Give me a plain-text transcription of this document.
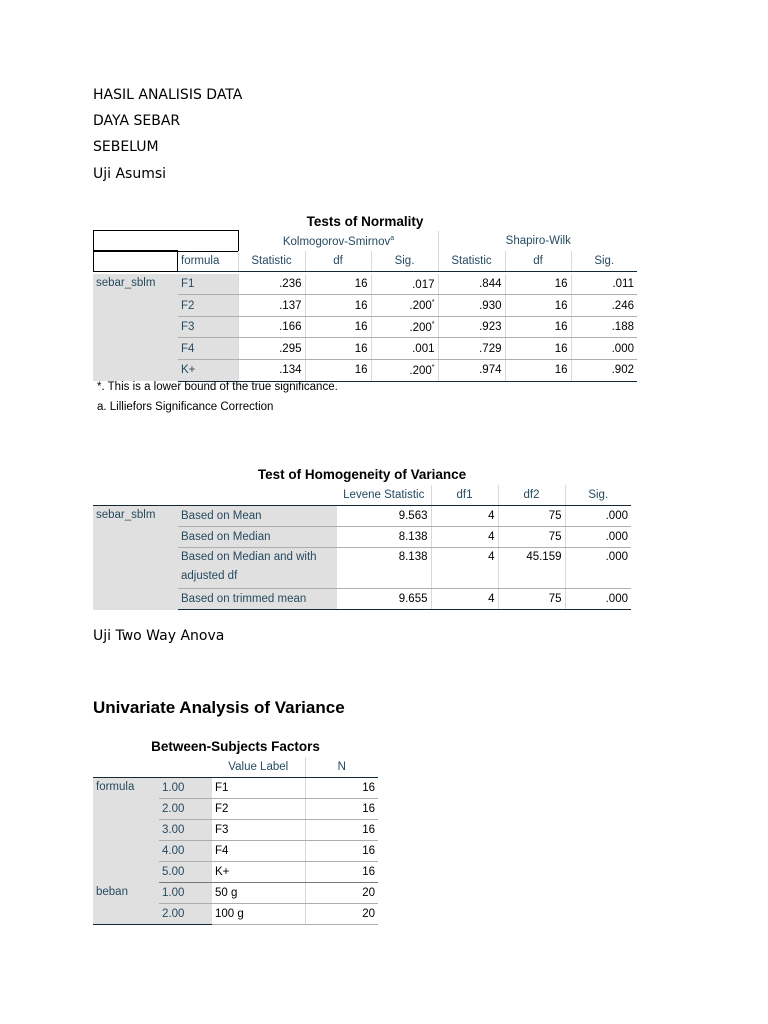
HASIL ANALISIS DATA

DAYA SEBAR

SEBELUM

Uji Asumsi

Tests of Normality

	Kolmogorov-Smirnov$^a$	Shapiro-Wilk
formula	Statistic	df	Sig.	Statistic	df	Sig.
sebar_sblm	F1	.236	16	.017	.844	16	.011
	F2	.137	16	.200*	.930	16	.246
	F3	.166	16	.200*	.923	16	.188
	F4	.295	16	.001	.729	16	.000
	K+	.134	16	.200*	.974	16	.902

*. This is a lower bound of the true significance.

a. Lilliefors Significance Correction

Test of Homogeneity of Variance

		Levene Statistic	df1	df2	Sig.
sebar_sblm	Based on Mean	9.563	4	75	.000
	Based on Median	8.138	4	75	.000
	Based on Median and with
adjusted df	8.138	4	45.159	.000
	Based on trimmed mean	9.655	4	75	.000

Uji Two Way Anova

Univariate Analysis of Variance

Between-Subjects Factors

		Value Label	N
formula	1.00	F1	16
	2.00	F2	16
	3.00	F3	16
	4.00	F4	16
	5.00	K+	16
beban	1.00	50 g	20
	2.00	100 g	20
